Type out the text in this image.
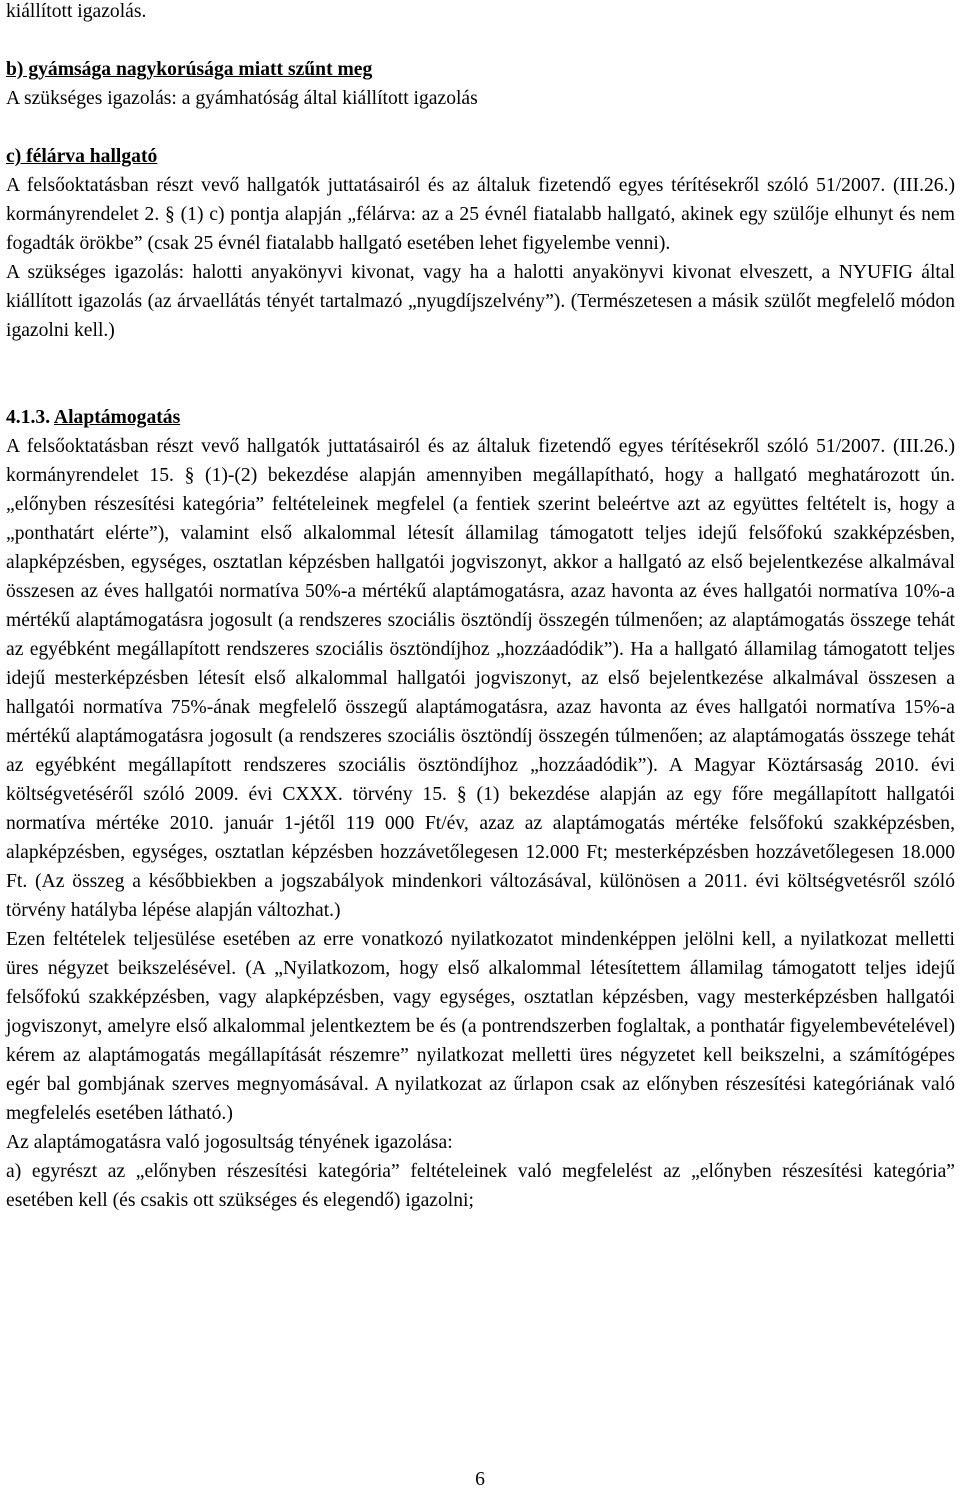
kiállított igazolás.

b) gyámsága nagykorúsága miatt szűnt meg

A szükséges igazolás: a gyámhatóság által kiállított igazolás

c) félárva hallgató

A felsőoktatásban részt vevő hallgatók juttatásairól és az általuk fizetendő egyes térítésekről szóló 51/2007. (III.26.) kormányrendelet 2. § (1) c) pontja alapján „félárva: az a 25 évnél fiatalabb hallgató, akinek egy szülője elhunyt és nem fogadták örökbe” (csak 25 évnél fiatalabb hallgató esetében lehet figyelembe venni).

A szükséges igazolás: halotti anyakönyvi kivonat, vagy ha a halotti anyakönyvi kivonat elveszett, a NYUFIG által kiállított igazolás (az árvaellátás tényét tartalmazó „nyugdíjszelvény”). (Természetesen a másik szülőt megfelelő módon igazolni kell.)

4.1.3. Alaptámogatás

A felsőoktatásban részt vevő hallgatók juttatásairól és az általuk fizetendő egyes térítésekről szóló 51/2007. (III.26.) kormányrendelet 15. § (1)-(2) bekezdése alapján amennyiben megállapítható, hogy a hallgató meghatározott ún. „előnyben részesítési kategória” feltételeinek megfelel (a fentiek szerint beleértve azt az együttes feltételt is, hogy a „ponthatárt elérte”), valamint első alkalommal létesít államilag támogatott teljes idejű felsőfokú szakképzésben, alapképzésben, egységes, osztatlan képzésben hallgatói jogviszonyt, akkor a hallgató az első bejelentkezése alkalmával összesen az éves hallgatói normatíva 50%-a mértékű alaptámogatásra, azaz havonta az éves hallgatói normatíva 10%-a mértékű alaptámogatásra jogosult (a rendszeres szociális ösztöndíj összegén túlmenően; az alaptámogatás összege tehát az egyébként megállapított rendszeres szociális ösztöndíjhoz „hozzáadódik”). Ha a hallgató államilag támogatott teljes idejű mesterképzésben létesít első alkalommal hallgatói jogviszonyt, az első bejelentkezése alkalmával összesen a hallgatói normatíva 75%-ának megfelelő összegű alaptámogatásra, azaz havonta az éves hallgatói normatíva 15%-a mértékű alaptámogatásra jogosult (a rendszeres szociális ösztöndíj összegén túlmenően; az alaptámogatás összege tehát az egyébként megállapított rendszeres szociális ösztöndíjhoz „hozzáadódik”). A Magyar Köztársaság 2010. évi költségvetéséről szóló 2009. évi CXXX. törvény 15. § (1) bekezdése alapján az egy főre megállapított hallgatói normatíva mértéke 2010. január 1-jétől 119 000 Ft/év, azaz az alaptámogatás mértéke felsőfokú szakképzésben, alapképzésben, egységes, osztatlan képzésben hozzávetőlegesen 12.000 Ft; mesterképzésben hozzávetőlegesen 18.000 Ft. (Az összeg a későbbiekben a jogszabályok mindenkori változásával, különösen a 2011. évi költségvetésről szóló törvény hatályba lépése alapján változhat.)

Ezen feltételek teljesülése esetében az erre vonatkozó nyilatkozatot mindenképpen jelölni kell, a nyilatkozat melletti üres négyzet beikszelésével. (A „Nyilatkozom, hogy első alkalommal létesítettem államilag támogatott teljes idejű felsőfokú szakképzésben, vagy alapképzésben, vagy egységes, osztatlan képzésben, vagy mesterképzésben hallgatói jogviszonyt, amelyre első alkalommal jelentkeztem be és (a pontrendszerben foglaltak, a ponthatár figyelembevételével) kérem az alaptámogatás megállapítását részemre” nyilatkozat melletti üres négyzetet kell beikszelni, a számítógépes egér bal gombjának szerves megnyomásával. A nyilatkozat az űrlapon csak az előnyben részesítési kategóriának való megfelelés esetében látható.)

Az alaptámogatásra való jogosultság tényének igazolása:

a) egyrészt az „előnyben részesítési kategória” feltételeinek való megfelelést az „előnyben részesítési kategória” esetében kell (és csakis ott szükséges és elegendő) igazolni;

6
